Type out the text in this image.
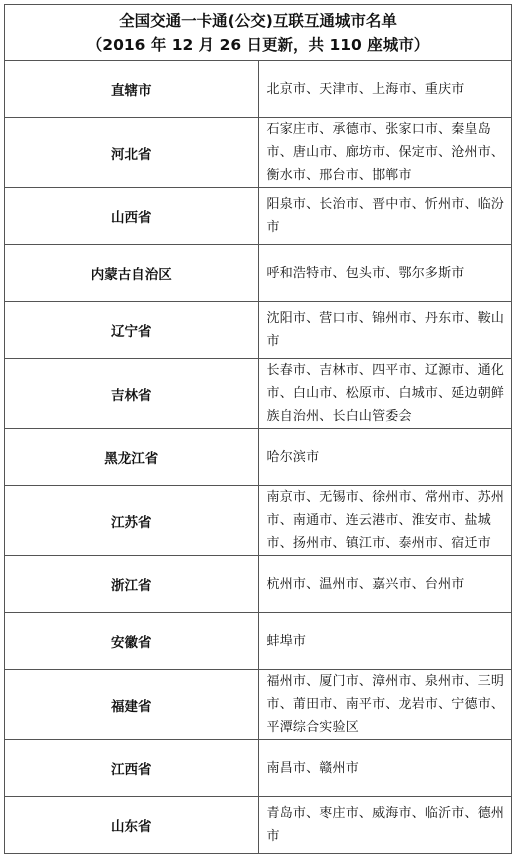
全国交通一卡通(公交)互联互通城市名单
（2016 年 12 月 26 日更新，共 110 座城市）	

直辖市	北京市、天津市、上海市、重庆市
河北省	石家庄市、承德市、张家口市、秦皇岛市、唐山市、廊坊市、保定市、沧州市、衡水市、邢台市、邯郸市
山西省	阳泉市、长治市、晋中市、忻州市、临汾市
内蒙古自治区	呼和浩特市、包头市、鄂尔多斯市
辽宁省	沈阳市、营口市、锦州市、丹东市、鞍山市
吉林省	长春市、吉林市、四平市、辽源市、通化市、白山市、松原市、白城市、延边朝鲜族自治州、长白山管委会
黑龙江省	哈尔滨市
江苏省	南京市、无锡市、徐州市、常州市、苏州市、南通市、连云港市、淮安市、盐城市、扬州市、镇江市、泰州市、宿迁市
浙江省	杭州市、温州市、嘉兴市、台州市
安徽省	蚌埠市
福建省	福州市、厦门市、漳州市、泉州市、三明市、莆田市、南平市、龙岩市、宁德市、平潭综合实验区
江西省	南昌市、赣州市
山东省	青岛市、枣庄市、威海市、临沂市、德州市
